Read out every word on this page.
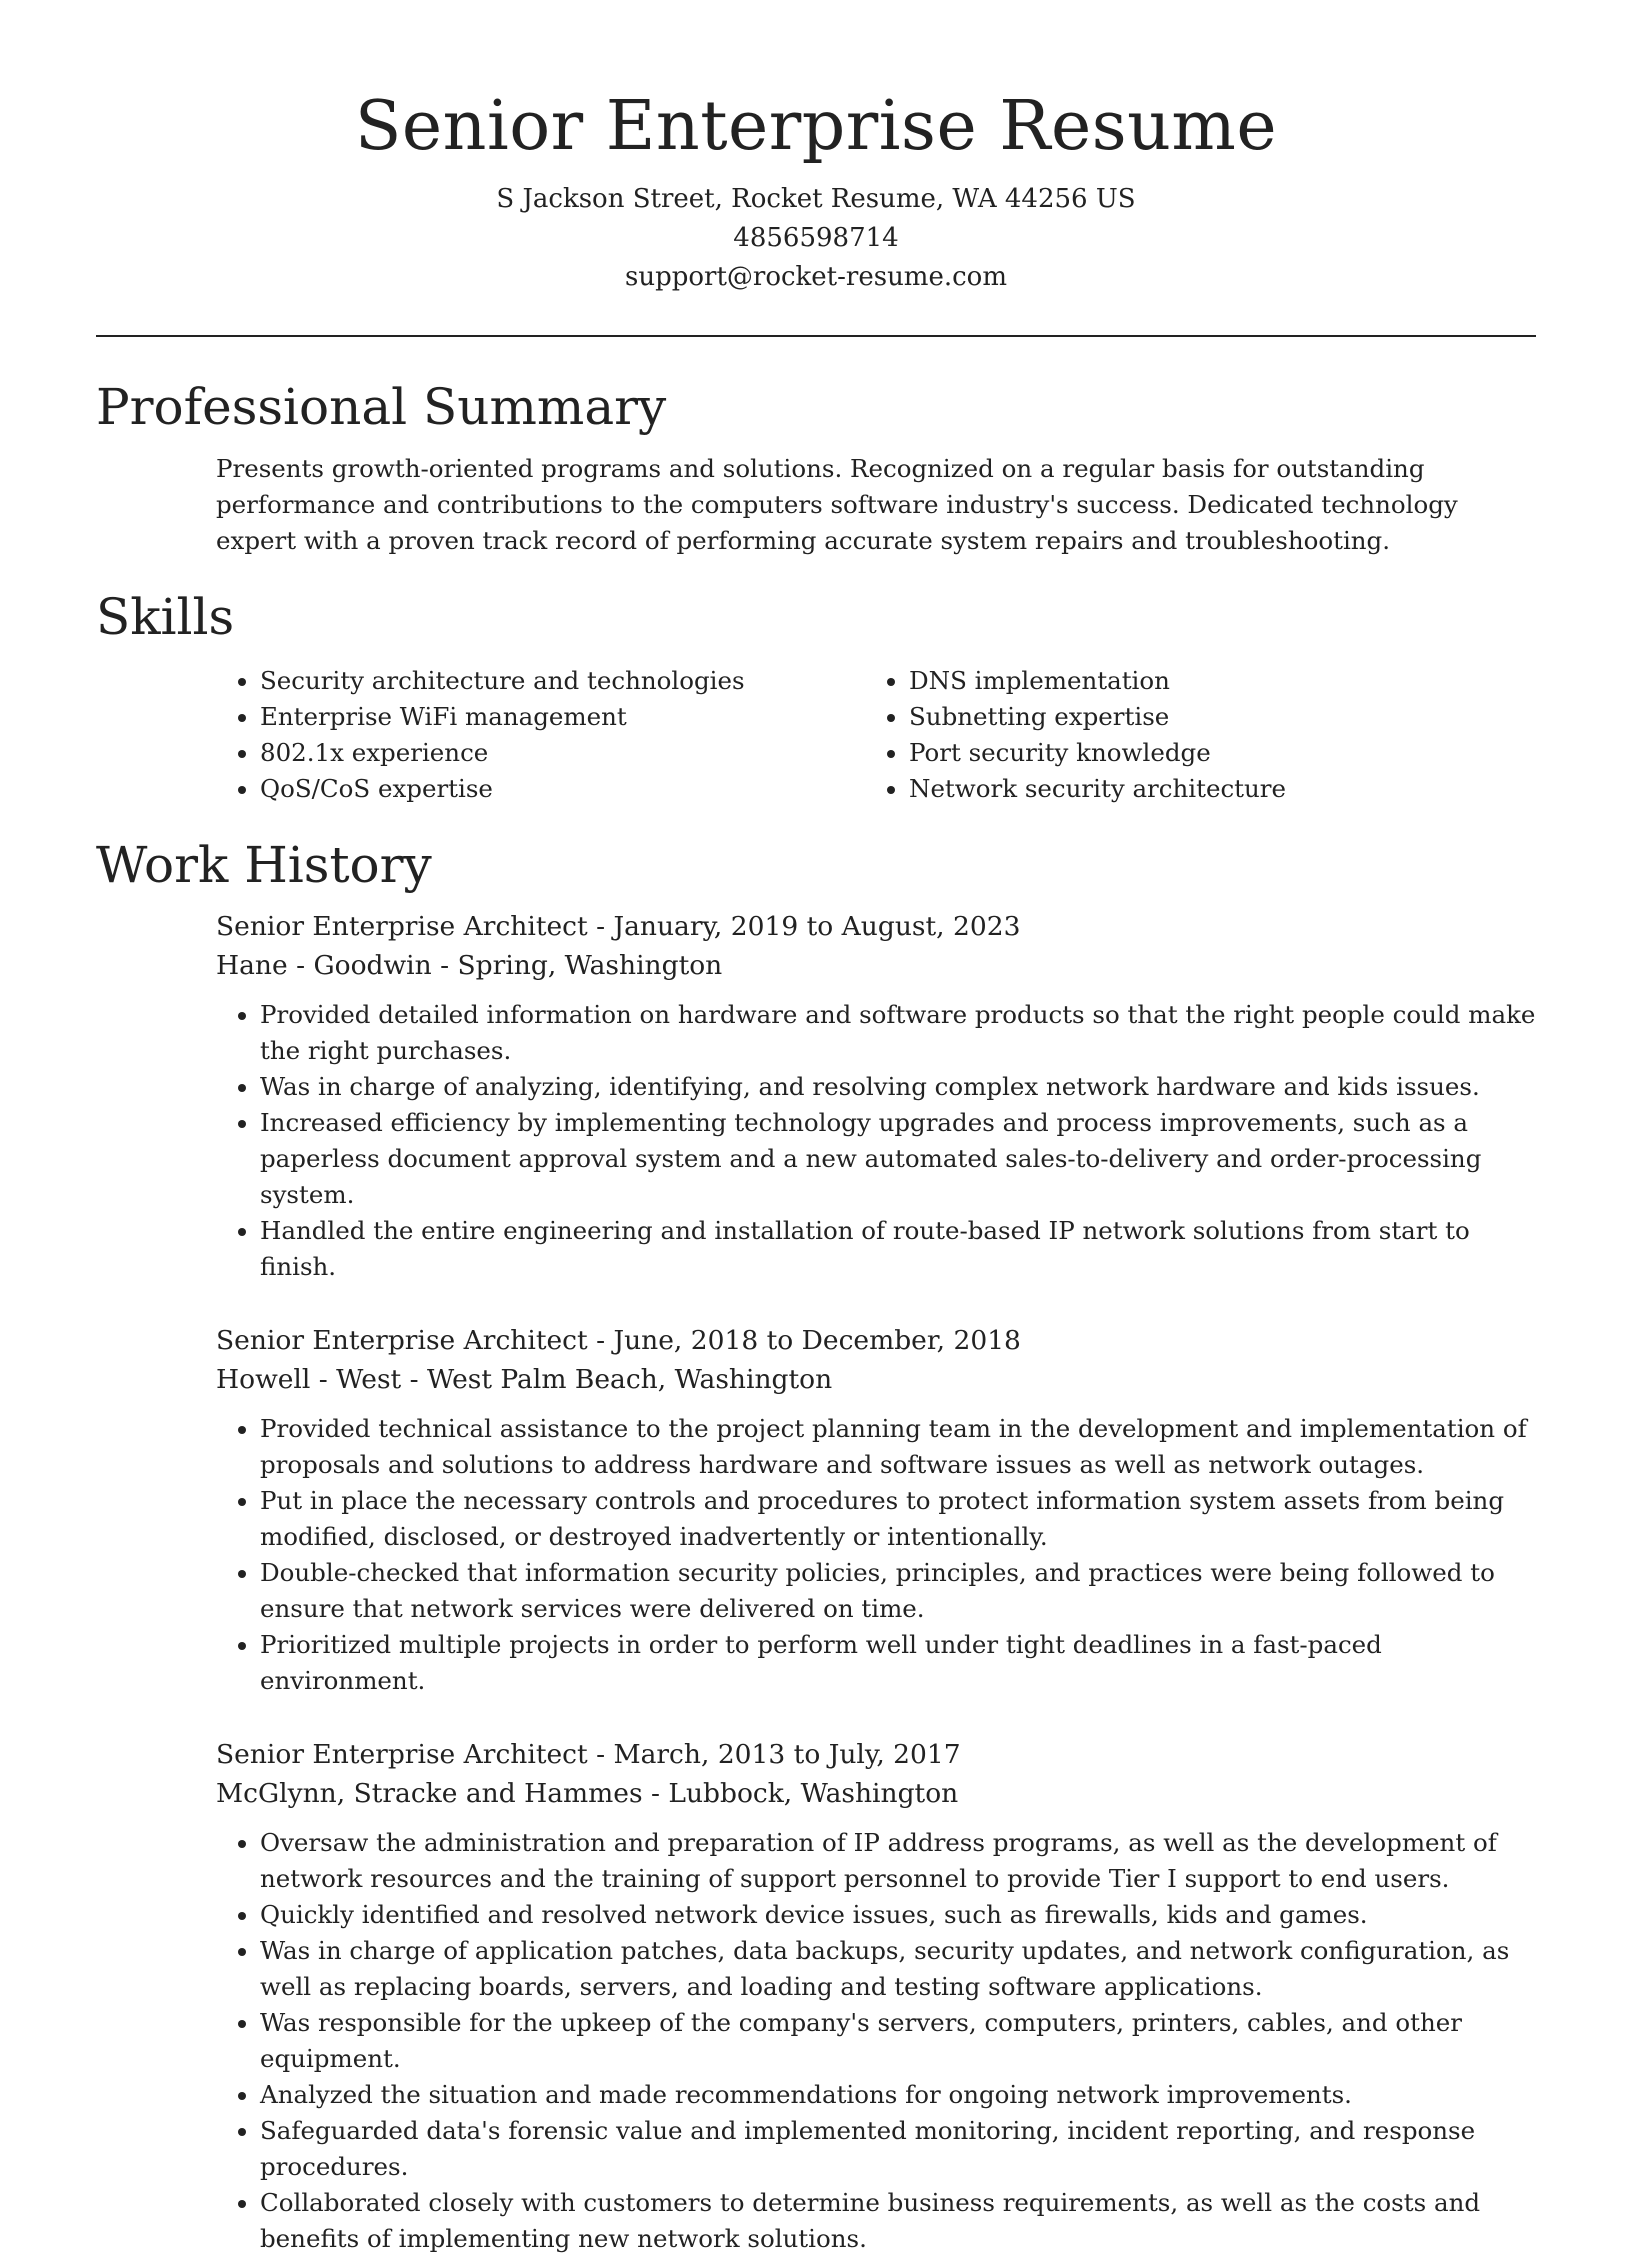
Senior Enterprise Resume
S Jackson Street, Rocket Resume, WA 44256 US
4856598714
support@rocket-resume.com
Professional Summary
Presents growth-oriented programs and solutions. Recognized on a regular basis for outstanding performance and contributions to the computers software industry's success. Dedicated technology expert with a proven track record of performing accurate system repairs and troubleshooting.
Skills
• Security architecture and technologies
• Enterprise WiFi management
• 802.1x experience
• QoS/CoS expertise
• DNS implementation
• Subnetting expertise
• Port security knowledge
• Network security architecture
Work History
Senior Enterprise Architect - January, 2019 to August, 2023
Hane - Goodwin - Spring, Washington
• Provided detailed information on hardware and software products so that the right people could make the right purchases.
• Was in charge of analyzing, identifying, and resolving complex network hardware and kids issues.
• Increased efficiency by implementing technology upgrades and process improvements, such as a paperless document approval system and a new automated sales-to-delivery and order-processing system.
• Handled the entire engineering and installation of route-based IP network solutions from start to finish.
Senior Enterprise Architect - June, 2018 to December, 2018
Howell - West - West Palm Beach, Washington
• Provided technical assistance to the project planning team in the development and implementation of proposals and solutions to address hardware and software issues as well as network outages.
• Put in place the necessary controls and procedures to protect information system assets from being modified, disclosed, or destroyed inadvertently or intentionally.
• Double-checked that information security policies, principles, and practices were being followed to ensure that network services were delivered on time.
• Prioritized multiple projects in order to perform well under tight deadlines in a fast-paced environment.
Senior Enterprise Architect - March, 2013 to July, 2017
McGlynn, Stracke and Hammes - Lubbock, Washington
• Oversaw the administration and preparation of IP address programs, as well as the development of network resources and the training of support personnel to provide Tier I support to end users.
• Quickly identified and resolved network device issues, such as firewalls, kids and games.
• Was in charge of application patches, data backups, security updates, and network configuration, as well as replacing boards, servers, and loading and testing software applications.
• Was responsible for the upkeep of the company's servers, computers, printers, cables, and other equipment.
• Analyzed the situation and made recommendations for ongoing network improvements.
• Safeguarded data's forensic value and implemented monitoring, incident reporting, and response procedures.
• Collaborated closely with customers to determine business requirements, as well as the costs and benefits of implementing new network solutions.
